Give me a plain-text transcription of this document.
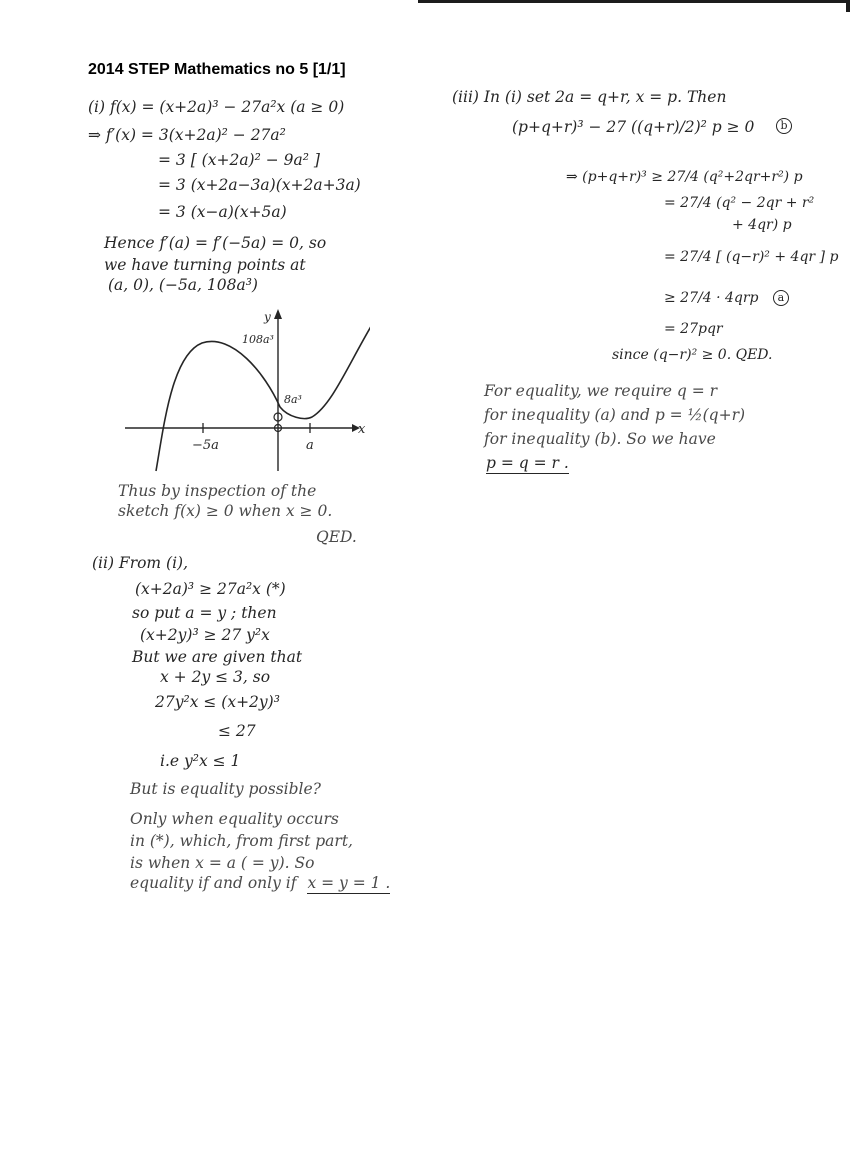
2014 STEP Mathematics no 5 [1/1]
(i) f(x) = (x+2a)³ − 27a²x (a ≥ 0)
⇒ f′(x) = 3(x+2a)² − 27a²
= 3 [ (x+2a)² − 9a² ]
= 3 (x+2a−3a)(x+2a+3a)
= 3 (x−a)(x+5a)
Hence f′(a) = f′(−5a) = 0, so
we have turning points at
(a, 0), (−5a, 108a³)
y
x
108a³
8a³
−5a	a
Thus by inspection of the
sketch f(x) ≥ 0 when x ≥ 0.
QED.
(ii) From (i),
(x+2a)³ ≥ 27a²x (*)
so put a = y ; then
(x+2y)³ ≥ 27 y²x
But we are given that
x + 2y ≤ 3, so
27y²x ≤ (x+2y)³
≤ 27
i.e y²x ≤ 1
But is equality possible?
Only when equality occurs
in (*), which, from first part,
is when x = a ( = y). So
equality if and only if x = y = 1 .
(iii) In (i) set 2a = q+r, x = p. Then
(p+q+r)³ − 27 ((q+r)/2)² p ≥ 0	b
⇒ (p+q+r)³ ≥ 27/4 (q²+2qr+r²) p
= 27/4 (q² − 2qr + r²
+ 4qr) p
= 27/4 [ (q−r)² + 4qr ] p
≥ 27/4 · 4qrp a
= 27pqr
since (q−r)² ≥ 0. QED.
For equality, we require q = r
for inequality (a) and p = ½(q+r)
for inequality (b). So we have
p = q = r .
